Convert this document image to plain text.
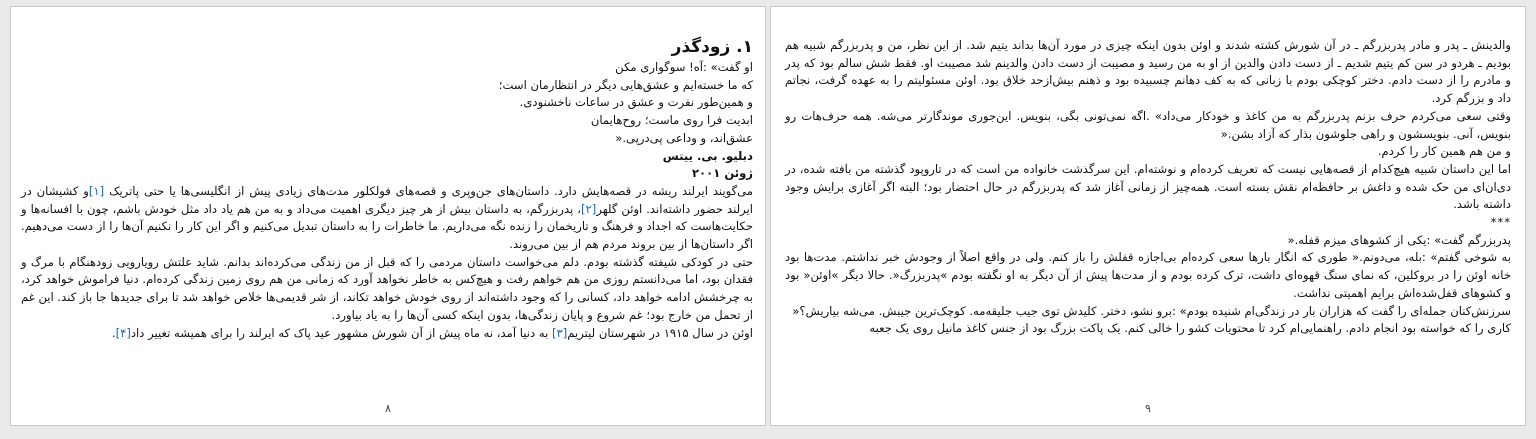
۱. زودگذر

او گفت» :آه! سوگواری مکن

که ما خسته‌ایم و عشق‌هایی دیگر در انتظارمان است؛

و همین‌طور نفرت و عشق در ساعات ناخشنودی.

ابدیت فرا روی ماست؛ روح‌هایمان

عشق‌اند، و وداعی پی‌درپی.«

دبلیو. بی. ییتس

ژوئن ۲۰۰۱

می‌گویند ایرلند ریشه در قصه‌هایش دارد. داستان‌های جن‌وپری و قصه‌های فولکلور مدت‌های زیادی پیش از انگلیسی‌ها یا حتی پاتریک [۱]و کشیشان در ایرلند حضور داشته‌اند. اوئن گلهر[۲]، پدربزرگم، به داستان بیش از هر چیز دیگری اهمیت می‌داد و به من هم یاد داد مثل خودش باشم، چون با افسانه‌ها و حکایت‌هاست که اجداد و فرهنگ و تاریخمان را زنده نگه می‌داریم. ما خاطرات را به داستان تبدیل می‌کنیم و اگر این کار را نکنیم آن‌ها را از دست می‌دهیم. اگر داستان‌ها از بین بروند مردم هم از بین می‌روند.

حتی در کودکی شیفته گذشته بودم. دلم می‌خواست داستان مردمی را که قبل از من زندگی می‌کرده‌اند بدانم. شاید علتش رویارویی زودهنگام با مرگ و فقدان بود، اما می‌دانستم روزی من هم خواهم رفت و هیچ‌کس به خاطر نخواهد آورد که زمانی من هم روی زمین زندگی کرده‌ام. دنیا فراموش خواهد کرد، به چرخشش ادامه خواهد داد، کسانی را که وجود داشته‌اند از روی خودش خواهد تکاند، از شر قدیمی‌ها خلاص خواهد شد تا برای جدیدها جا باز کند. این غم از تحمل من خارج بود؛ غم شروع و پایان زندگی‌ها، بدون اینکه کسی آن‌ها را به یاد بیاورد.

اوئن در سال ۱۹۱۵ در شهرستان لیتریم[۳] به دنیا آمد، نه ماه پیش از آن شورش مشهور عید پاک که ایرلند را برای همیشه تغییر داد[۴].

۸

والدینش ـ پدر و مادر پدربزرگم ـ در آن شورش کشته شدند و اوئن بدون اینکه چیزی در مورد آن‌ها بداند یتیم شد. از این نظر، من و پدربزرگم شبیه هم بودیم ـ هردو در سن کم یتیم شدیم ـ از دست دادن والدین از او به من رسید و مصیبت از دست دادن والدینم شد مصیبت او. فقط شش سالم بود که پدر و مادرم را از دست دادم. دختر کوچکی بودم با زبانی که به کف دهانم چسبیده بود و ذهنم بیش‌ازحد خلاق بود. اوئن مسئولیتم را به عهده گرفت، نجاتم داد و بزرگم کرد.

وقتی سعی می‌کردم حرف بزنم پدربزرگم به من کاغذ و خودکار می‌داد» .اگه نمی‌تونی بگی، بنویس. این‌جوری موندگارتر می‌شه. همه حرف‌هات رو بنویس، آنی. بنویسشون و راهی جلوشون بذار که آزاد بشن.«

و من هم همین کار را کردم.

اما این داستان شبیه هیچ‌کدام از قصه‌هایی نیست که تعریف کرده‌ام و نوشته‌ام. این سرگذشت خانواده من است که در تاروپود گذشته من بافته شده، در دی‌ان‌ای من حک شده و داغش بر حافظه‌ام نقش بسته است. همه‌چیز از زمانی آغاز شد که پدربزرگم در حال احتضار بود؛ البته اگر آغازی برایش وجود داشته باشد.

***

پدربزرگم گفت» :یکی از کشوهای میزم قفله.«

به شوخی گفتم» :بله، می‌دونم.« طوری که انگار بارها سعی کرده‌ام بی‌اجازه قفلش را باز کنم. ولی در واقع اصلاً از وجودش خبر نداشتم. مدت‌ها بود خانه اوئن را در بروکلین، که نمای سنگ قهوه‌ای داشت، ترک کرده بودم و از مدت‌ها پیش از آن دیگر به او نگفته بودم »پدربزرگ«. حالا دیگر »اوئن« بود و کشوهای قفل‌شده‌اش برایم اهمیتی نداشت.

سرزنش‌کنان جمله‌ای را گفت که هزاران بار در زندگی‌ام شنیده بودم» :برو نشو، دختر. کلیدش توی جیب جلیقه‌مه. کوچک‌ترین جیبش. می‌شه بیاریش؟«

کاری را که خواسته بود انجام دادم. راهنمایی‌ام کرد تا محتویات کشو را خالی کنم. یک پاکت بزرگ بود از جنس کاغذ مانیل روی یک جعبه

۹
